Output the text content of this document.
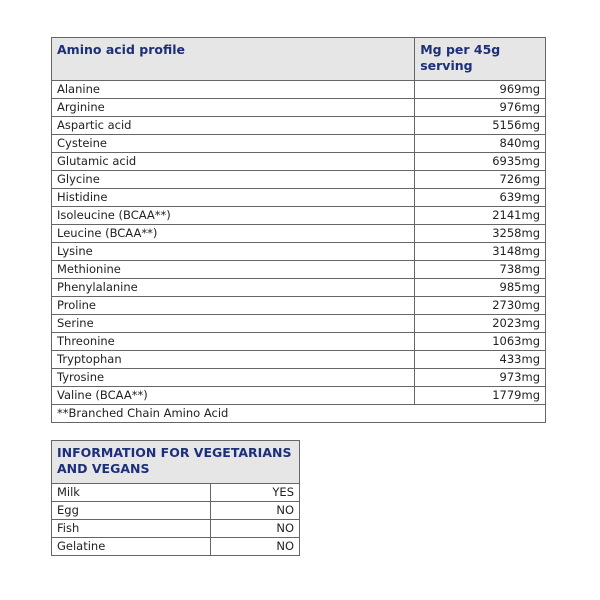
Amino acid profile	Mg per 45g serving
Alanine	969mg
Arginine	976mg
Aspartic acid	5156mg
Cysteine	840mg
Glutamic acid	6935mg
Glycine	726mg
Histidine	639mg
Isoleucine (BCAA**)	2141mg
Leucine (BCAA**)	3258mg
Lysine	3148mg
Methionine	738mg
Phenylalanine	985mg
Proline	2730mg
Serine	2023mg
Threonine	1063mg
Tryptophan	433mg
Tyrosine	973mg
Valine (BCAA**)	1779mg
**Branched Chain Amino Acid	
INFORMATION FOR VEGETARIANS AND VEGANS	
Milk	YES
Egg	NO
Fish	NO
Gelatine	NO
